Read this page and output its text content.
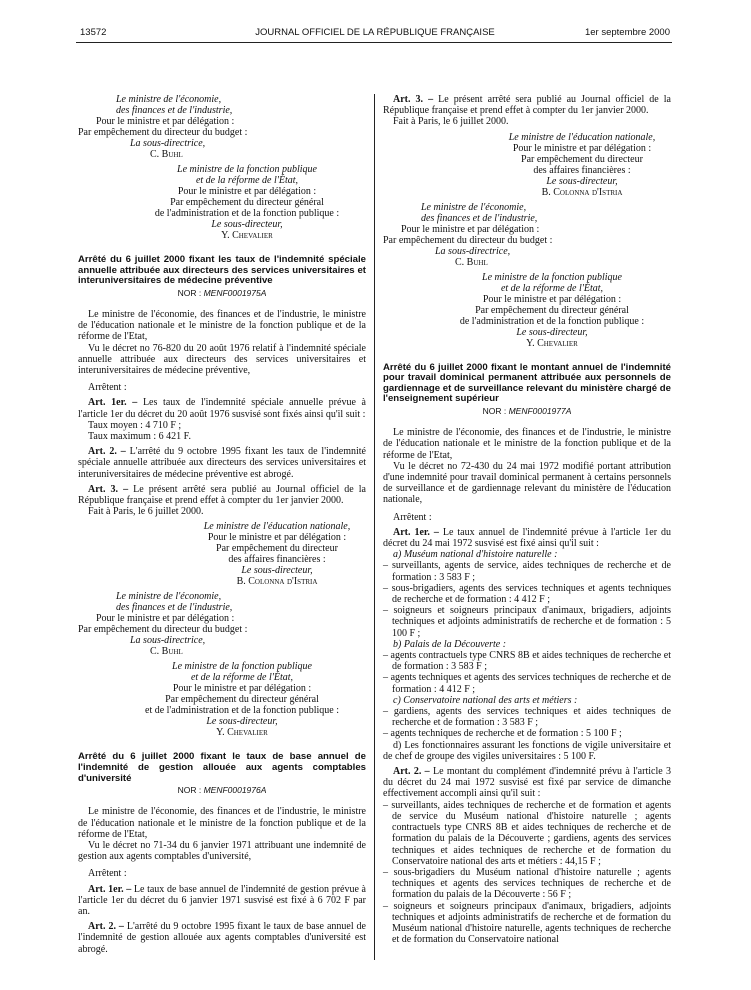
13572	JOURNAL OFFICIEL DE LA RÉPUBLIQUE FRANÇAISE	1er septembre 2000
Le ministre de l'économie,
des finances et de l'industrie,
Pour le ministre et par délégation :
Par empêchement du directeur du budget :
La sous-directrice,
C. Buhl
Le ministre de la fonction publique
et de la réforme de l'État,
Pour le ministre et par délégation :
Par empêchement du directeur général
de l'administration et de la fonction publique :
Le sous-directeur,
Y. Chevalier
Arrêté du 6 juillet 2000 fixant les taux de l'indemnité spéciale annuelle attribuée aux directeurs des services universitaires et interuniversitaires de médecine préventive
NOR : MENF0001975A

Le ministre de l'économie, des finances et de l'industrie, le ministre de l'éducation nationale et le ministre de la fonction publique et de la réforme de l'Etat,

Vu le décret no 76-820 du 20 août 1976 relatif à l'indemnité spéciale annuelle attribuée aux directeurs des services universitaires et interuniversitaires de médecine préventive,

Arrêtent :

Art. 1er. – Les taux de l'indemnité spéciale annuelle prévue à l'article 1er du décret du 20 août 1976 susvisé sont fixés ainsi qu'il suit :

Taux moyen : 4 710 F ;

Taux maximum : 6 421 F.

Art. 2. – L'arrêté du 9 octobre 1995 fixant les taux de l'indemnité spéciale annuelle attribuée aux directeurs des services universitaires et interuniversitaires de médecine préventive est abrogé.

Art. 3. – Le présent arrêté sera publié au Journal officiel de la République française et prend effet à compter du 1er janvier 2000.

Fait à Paris, le 6 juillet 2000.

Le ministre de l'éducation nationale,
Pour le ministre et par délégation :
Par empêchement du directeur
des affaires financières :
Le sous-directeur,
B. Colonna d'Istria
Le ministre de l'économie,
des finances et de l'industrie,
Pour le ministre et par délégation :
Par empêchement du directeur du budget :
La sous-directrice,
C. Buhl
Le ministre de la fonction publique
et de la réforme de l'État,
Pour le ministre et par délégation :
Par empêchement du directeur général
et de l'administration et de la fonction publique :
Le sous-directeur,
Y. Chevalier
Arrêté du 6 juillet 2000 fixant le taux de base annuel de l'indemnité de gestion allouée aux agents comptables d'université
NOR : MENF0001976A

Le ministre de l'économie, des finances et de l'industrie, le ministre de l'éducation nationale et le ministre de la fonction publique et de la réforme de l'Etat,

Vu le décret no 71-34 du 6 janvier 1971 attribuant une indemnité de gestion aux agents comptables d'université,

Arrêtent :

Art. 1er. – Le taux de base annuel de l'indemnité de gestion prévue à l'article 1er du décret du 6 janvier 1971 susvisé est fixé à 6 702 F par an.

Art. 2. – L'arrêté du 9 octobre 1995 fixant le taux de base annuel de l'indemnité de gestion allouée aux agents comptables d'université est abrogé.

Art. 3. – Le présent arrêté sera publié au Journal officiel de la République française et prend effet à compter du 1er janvier 2000.

Fait à Paris, le 6 juillet 2000.

Le ministre de l'éducation nationale,
Pour le ministre et par délégation :
Par empêchement du directeur
des affaires financières :
Le sous-directeur,
B. Colonna d'Istria
Le ministre de l'économie,
des finances et de l'industrie,
Pour le ministre et par délégation :
Par empêchement du directeur du budget :
La sous-directrice,
C. Buhl
Le ministre de la fonction publique
et de la réforme de l'État,
Pour le ministre et par délégation :
Par empêchement du directeur général
de l'administration et de la fonction publique :
Le sous-directeur,
Y. Chevalier
Arrêté du 6 juillet 2000 fixant le montant annuel de l'indemnité pour travail dominical permanent attribuée aux personnels de gardiennage et de surveillance relevant du ministère chargé de l'enseignement supérieur
NOR : MENF0001977A

Le ministre de l'économie, des finances et de l'industrie, le ministre de l'éducation nationale et le ministre de la fonction publique et de la réforme de l'Etat,

Vu le décret no 72-430 du 24 mai 1972 modifié portant attribution d'une indemnité pour travail dominical permanent à certains personnels de surveillance et de gardiennage relevant du ministère de l'éducation nationale,

Arrêtent :

Art. 1er. – Le taux annuel de l'indemnité prévue à l'article 1er du décret du 24 mai 1972 susvisé est fixé ainsi qu'il suit :

a) Muséum national d'histoire naturelle :

– surveillants, agents de service, aides techniques de recherche et de formation : 3 583 F ;
– sous-brigadiers, agents des services techniques et agents techniques de recherche et de formation : 4 412 F ;
– soigneurs et soigneurs principaux d'animaux, brigadiers, adjoints techniques et adjoints administratifs de recherche et de formation : 5 100 F ;

b) Palais de la Découverte :

– agents contractuels type CNRS 8B et aides techniques de recherche et de formation : 3 583 F ;
– agents techniques et agents des services techniques de recherche et de formation : 4 412 F ;

c) Conservatoire national des arts et métiers :

– gardiens, agents des services techniques et aides techniques de recherche et de formation : 3 583 F ;
– agents techniques de recherche et de formation : 5 100 F ;

d) Les fonctionnaires assurant les fonctions de vigile universitaire et de chef de groupe des vigiles universitaires : 5 100 F.

Art. 2. – Le montant du complément d'indemnité prévu à l'article 3 du décret du 24 mai 1972 susvisé est fixé par service de dimanche effectivement accompli ainsi qu'il suit :

– surveillants, aides techniques de recherche et de formation et agents de service du Muséum national d'histoire naturelle ; agents contractuels type CNRS 8B et aides techniques de recherche et de formation du palais de la Découverte ; gardiens, agents des services techniques et aides techniques de recherche et de formation du Conservatoire national des arts et métiers : 44,15 F ;
– sous-brigadiers du Muséum national d'histoire naturelle ; agents techniques et agents des services techniques de recherche et de formation du palais de la Découverte : 56 F ;
– soigneurs et soigneurs principaux d'animaux, brigadiers, adjoints techniques et adjoints administratifs de recherche et de formation du Muséum national d'histoire naturelle, agents techniques de recherche et de formation du Conservatoire national
